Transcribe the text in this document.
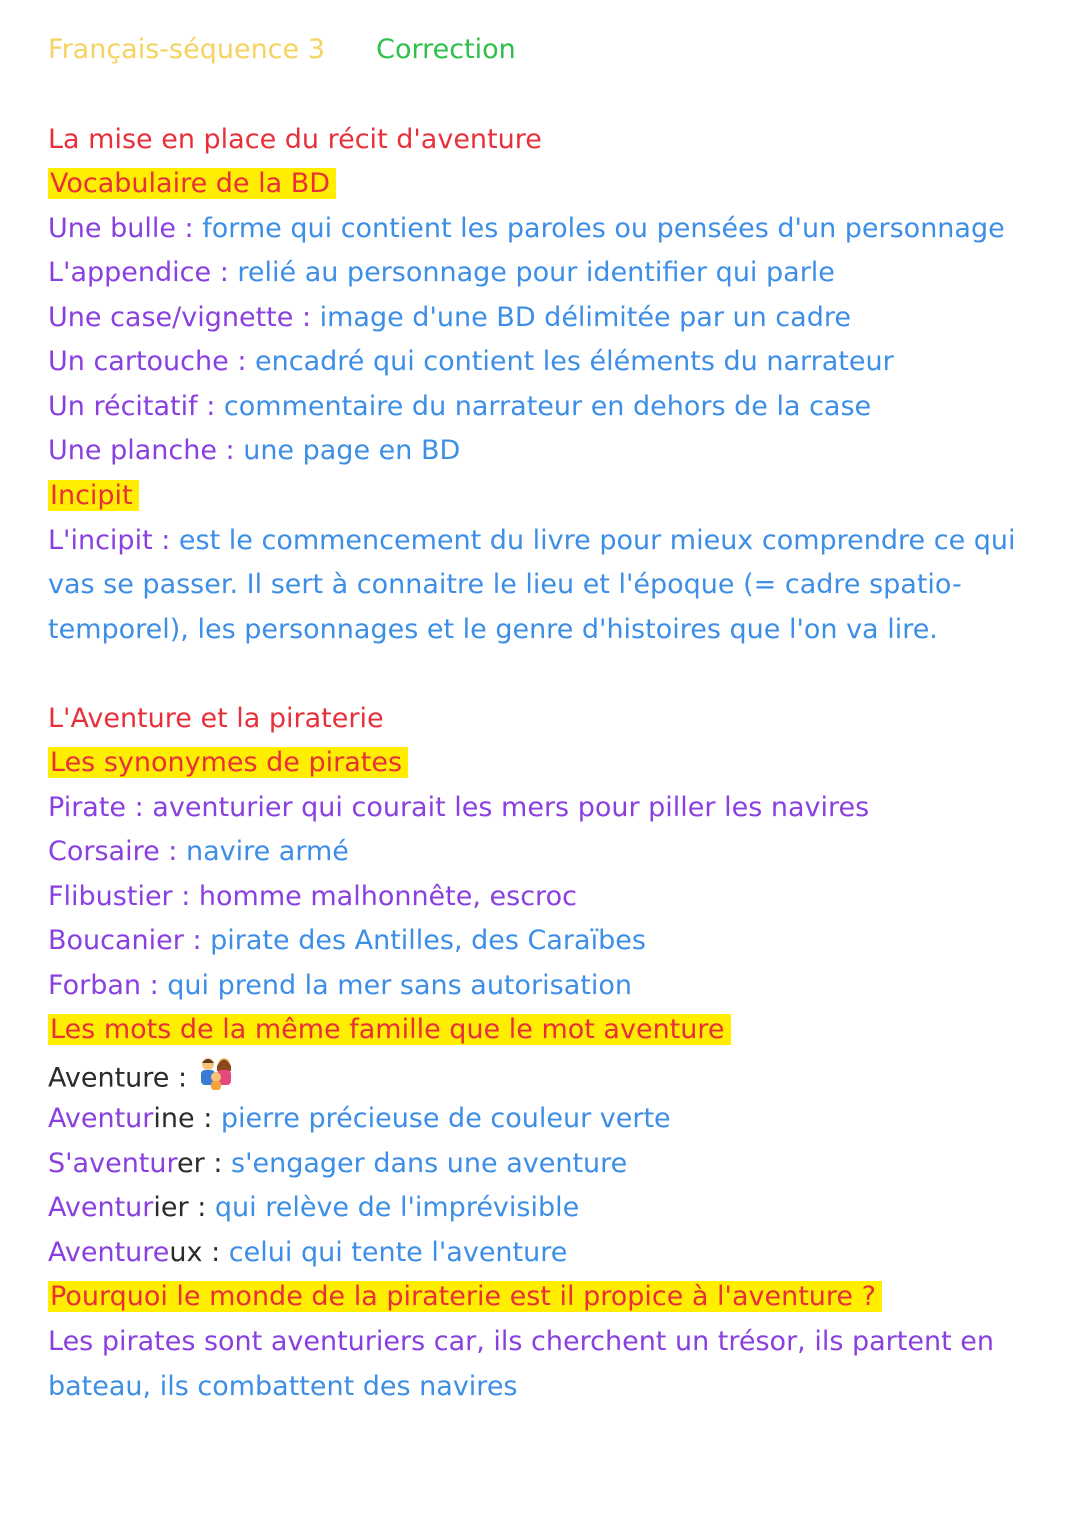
Français-séquence 3 Correction
La mise en place du récit d'aventure
Vocabulaire de la BD
Une bulle : forme qui contient les paroles ou pensées d'un personnage
L'appendice : relié au personnage pour identifier qui parle
Une case/vignette : image d'une BD délimitée par un cadre
Un cartouche : encadré qui contient les éléments du narrateur
Un récitatif : commentaire du narrateur en dehors de la case
Une planche : une page en BD
Incipit
L'incipit : est le commencement du livre pour mieux comprendre ce qui
vas se passer. Il sert à connaitre le lieu et l'époque (= cadre spatio-
temporel), les personnages et le genre d'histoires que l'on va lire.
L'Aventure et la piraterie
Les synonymes de pirates
Pirate : aventurier qui courait les mers pour piller les navires
Corsaire : navire armé
Flibustier : homme malhonnête, escroc
Boucanier : pirate des Antilles, des Caraïbes
Forban : qui prend la mer sans autorisation
Les mots de la même famille que le mot aventure
Aventure :
Aventurine : pierre précieuse de couleur verte
S'aventurer : s'engager dans une aventure
Aventurier : qui relève de l'imprévisible
Aventureux : celui qui tente l'aventure
Pourquoi le monde de la piraterie est il propice à l'aventure ?
Les pirates sont aventuriers car, ils cherchent un trésor, ils partent en
bateau, ils combattent des navires
